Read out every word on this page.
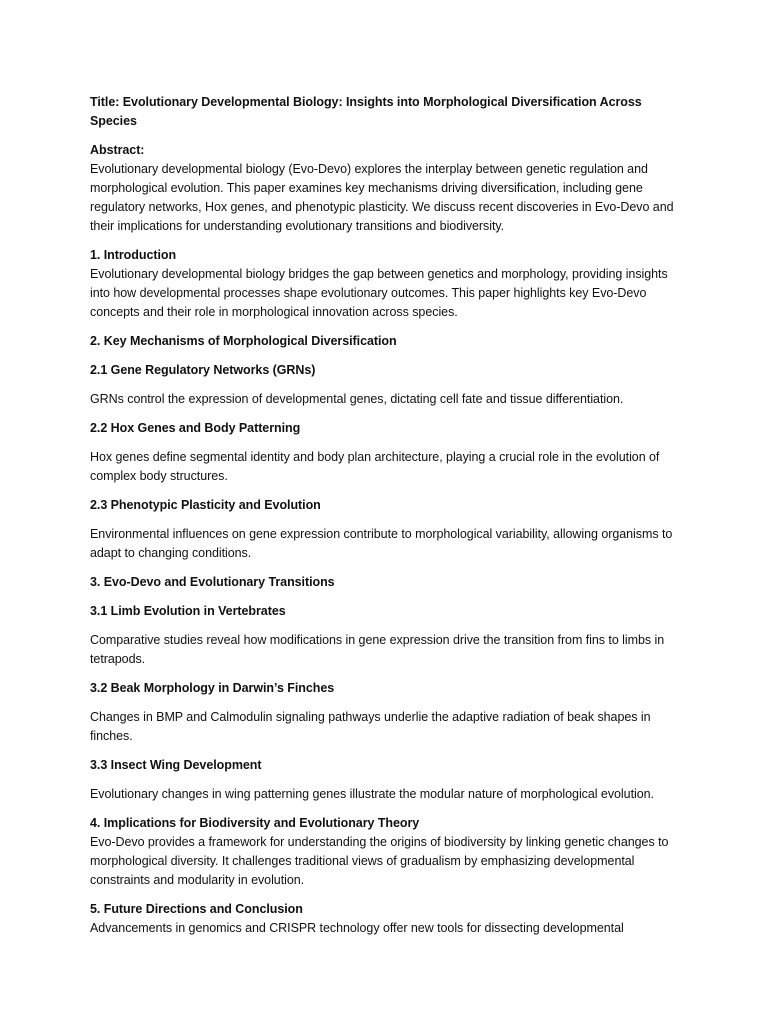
Title: Evolutionary Developmental Biology: Insights into Morphological Diversification Across Species

Abstract:

Evolutionary developmental biology (Evo-Devo) explores the interplay between genetic regulation and morphological evolution. This paper examines key mechanisms driving diversification, including gene regulatory networks, Hox genes, and phenotypic plasticity. We discuss recent discoveries in Evo-Devo and their implications for understanding evolutionary transitions and biodiversity.

1. Introduction

Evolutionary developmental biology bridges the gap between genetics and morphology, providing insights into how developmental processes shape evolutionary outcomes. This paper highlights key Evo-Devo concepts and their role in morphological innovation across species.

2. Key Mechanisms of Morphological Diversification

2.1 Gene Regulatory Networks (GRNs)

GRNs control the expression of developmental genes, dictating cell fate and tissue differentiation.

2.2 Hox Genes and Body Patterning

Hox genes define segmental identity and body plan architecture, playing a crucial role in the evolution of complex body structures.

2.3 Phenotypic Plasticity and Evolution

Environmental influences on gene expression contribute to morphological variability, allowing organisms to adapt to changing conditions.

3. Evo-Devo and Evolutionary Transitions

3.1 Limb Evolution in Vertebrates

Comparative studies reveal how modifications in gene expression drive the transition from fins to limbs in tetrapods.

3.2 Beak Morphology in Darwin’s Finches

Changes in BMP and Calmodulin signaling pathways underlie the adaptive radiation of beak shapes in finches.

3.3 Insect Wing Development

Evolutionary changes in wing patterning genes illustrate the modular nature of morphological evolution.

4. Implications for Biodiversity and Evolutionary Theory

Evo-Devo provides a framework for understanding the origins of biodiversity by linking genetic changes to morphological diversity. It challenges traditional views of gradualism by emphasizing developmental constraints and modularity in evolution.

5. Future Directions and Conclusion

Advancements in genomics and CRISPR technology offer new tools for dissecting developmental
